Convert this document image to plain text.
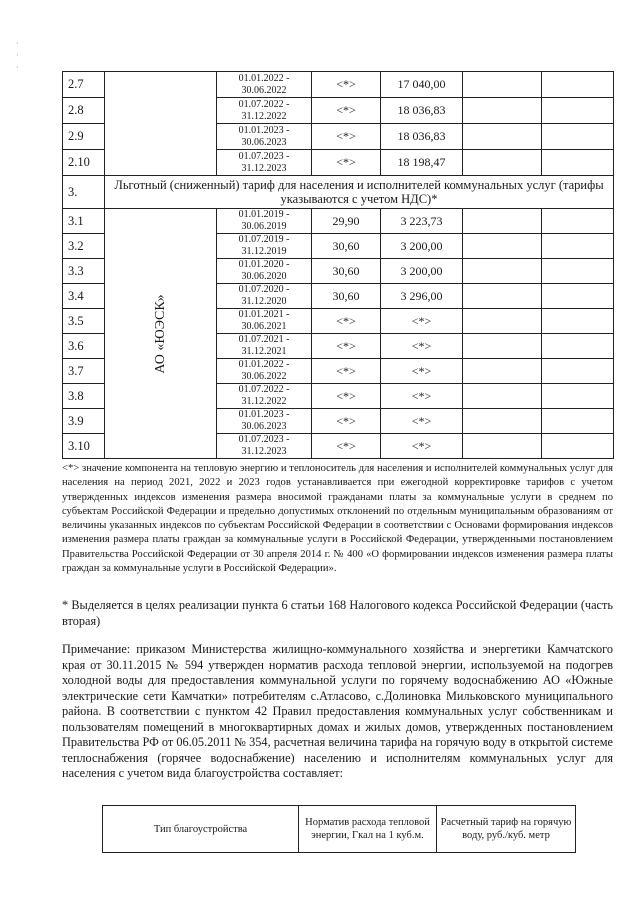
·
·
·
2.7		01.01.2022 - 30.06.2022	<*>	17 040,00		
2.8		01.07.2022 - 31.12.2022	<*>	18 036,83		
2.9		01.01.2023 - 30.06.2023	<*>	18 036,83		
2.10		01.07.2023 - 31.12.2023	<*>	18 198,47		
3.	Льготный (сниженный) тариф для населения и исполнителей коммунальных услуг (тарифы указываются с учетом НДС)*					
3.1	АО «ЮЭСК»	01.01.2019 - 30.06.2019	29,90	3 223,73		
3.2		01.07.2019 - 31.12.2019	30,60	3 200,00		
3.3		01.01.2020 - 30.06.2020	30,60	3 200,00		
3.4		01.07.2020 - 31.12.2020	30,60	3 296,00		
3.5		01.01.2021 - 30.06.2021	<*>	<*>		
3.6		01.07.2021 - 31.12.2021	<*>	<*>		
3.7		01.01.2022 - 30.06.2022	<*>	<*>		
3.8		01.07.2022 - 31.12.2022	<*>	<*>		
3.9		01.01.2023 - 30.06.2023	<*>	<*>		
3.10		01.07.2023 - 31.12.2023	<*>	<*>		
<*> значение компонента на тепловую энергию и теплоноситель для населения и исполнителей коммунальных услуг для населения на период 2021, 2022 и 2023 годов устанавливается при ежегодной корректировке тарифов с учетом утвержденных индексов изменения размера вносимой гражданами платы за коммунальные услуги в среднем по субъектам Российской Федерации и предельно допустимых отклонений по отдельным муниципальным образованиям от величины указанных индексов по субъектам Российской Федерации в соответствии с Основами формирования индексов изменения размера платы граждан за коммунальные услуги в Российской Федерации, утвержденными постановлением Правительства Российской Федерации от 30 апреля 2014 г. № 400 «О формировании индексов изменения размера платы граждан за коммунальные услуги в Российской Федерации».
* Выделяется в целях реализации пункта 6 статьи 168 Налогового кодекса Российской Федерации (часть вторая)
Примечание: приказом Министерства жилищно-коммунального хозяйства и энергетики Камчатского края от 30.11.2015 № 594 утвержден норматив расхода тепловой энергии, используемой на подогрев холодной воды для предоставления коммунальной услуги по горячему водоснабжению АО «Южные электрические сети Камчатки» потребителям с.Атласово, с.Долиновка Мильковского муниципального района. В соответствии с пунктом 42 Правил предоставления коммунальных услуг собственникам и пользователям помещений в многоквартирных домах и жилых домов, утвержденных постановлением Правительства РФ от 06.05.2011 № 354, расчетная величина тарифа на горячую воду в открытой системе теплоснабжения (горячее водоснабжение) населению и исполнителям коммунальных услуг для населения с учетом вида благоустройства составляет:
Тип благоустройства	Норматив расхода тепловой энергии, Гкал на 1 куб.м.	Расчетный тариф на горячую воду, руб./куб. метр
